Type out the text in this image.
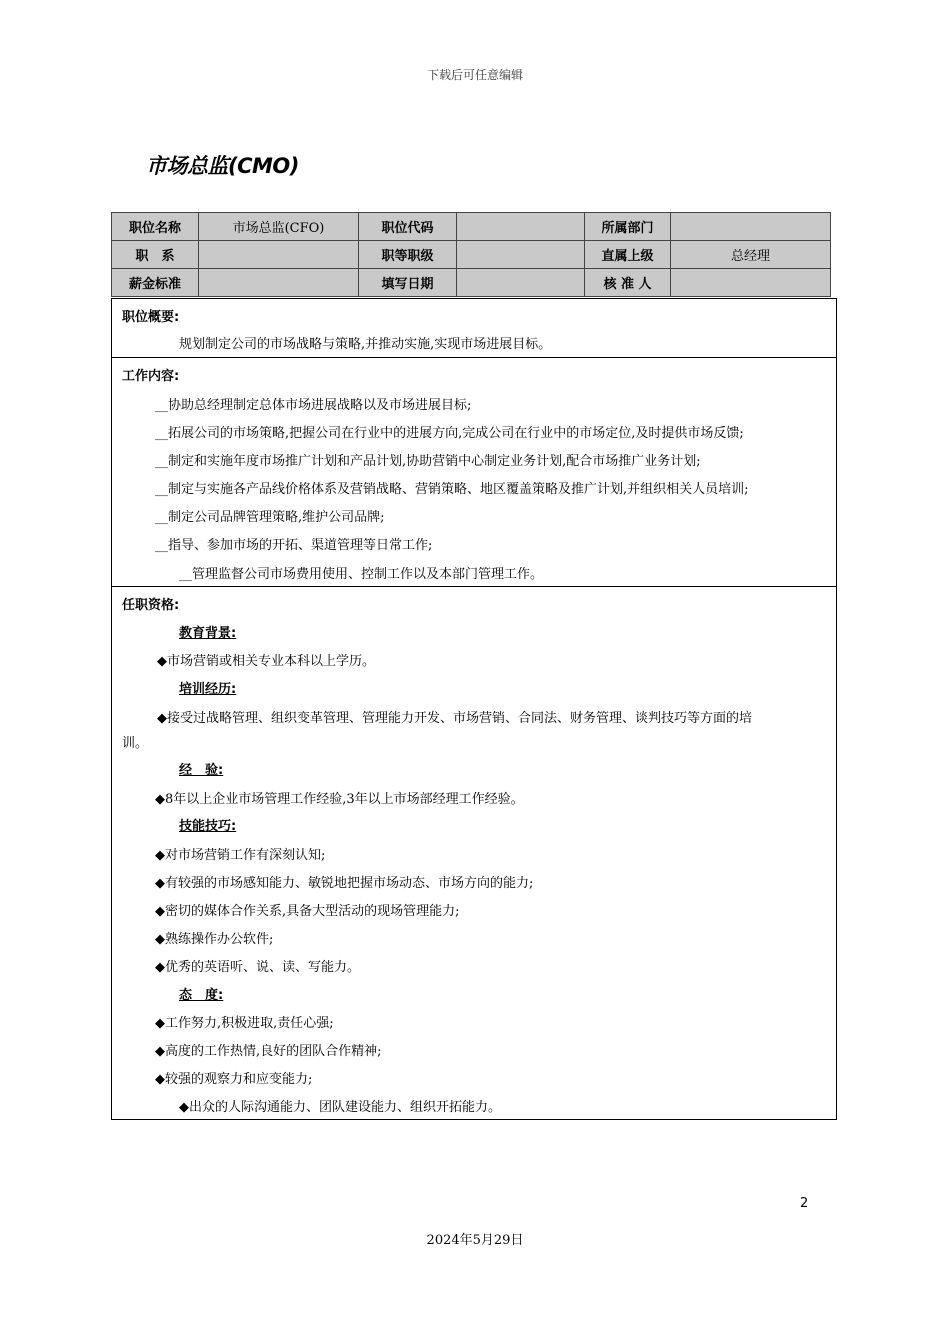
下载后可任意编辑
市场总监(CMO)
职位名称	市场总监(CFO)	职位代码		所属部门	
职　系		职等职级		直属上级	总经理
薪金标准		填写日期		核 准 人	
职位概要:
规划制定公司的市场战略与策略,并推动实施,实现市场进展目标。
工作内容:
__协助总经理制定总体市场进展战略以及市场进展目标;
__拓展公司的市场策略,把握公司在行业中的进展方向,完成公司在行业中的市场定位,及时提供市场反馈;
__制定和实施年度市场推广计划和产品计划,协助营销中心制定业务计划,配合市场推广业务计划;
__制定与实施各产品线价格体系及营销战略、营销策略、地区覆盖策略及推广计划,并组织相关人员培训;
__制定公司品牌管理策略,维护公司品牌;
__指导、参加市场的开拓、渠道管理等日常工作;
__管理监督公司市场费用使用、控制工作以及本部门管理工作。
任职资格:
教育背景:
◆市场营销或相关专业本科以上学历。
培训经历:
◆接受过战略管理、组织变革管理、管理能力开发、市场营销、合同法、财务管理、谈判技巧等方面的培
训。
经　验:
◆8年以上企业市场管理工作经验,3年以上市场部经理工作经验。
技能技巧:
◆对市场营销工作有深刻认知;
◆有较强的市场感知能力、敏锐地把握市场动态、市场方向的能力;
◆密切的媒体合作关系,具备大型活动的现场管理能力;
◆熟练操作办公软件;
◆优秀的英语听、说、读、写能力。
态　度:
◆工作努力,积极进取,责任心强;
◆高度的工作热情,良好的团队合作精神;
◆较强的观察力和应变能力;
◆出众的人际沟通能力、团队建设能力、组织开拓能力。
2
2024年5月29日
